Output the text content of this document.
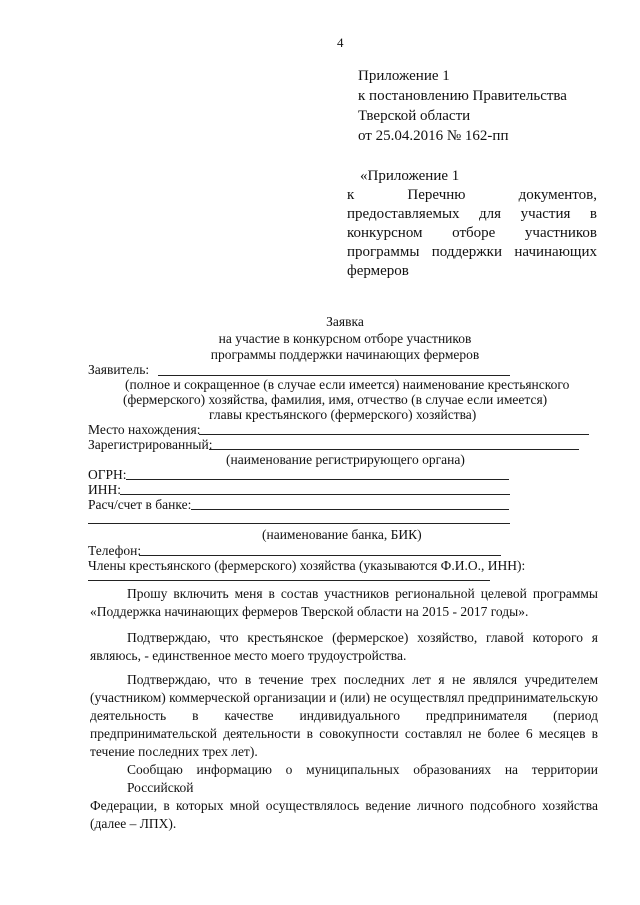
4
Приложение 1
к постановлению Правительства
Тверской области
от 25.04.2016 № 162-пп
«Приложение 1
к Перечню документов,
предоставляемых для участия в
конкурсном отборе участников
программы поддержки начинающих
фермеров
Заявка
на участие в конкурсном отборе участников
программы поддержки начинающих фермеров
Заявитель:
(полное и сокращенное (в случае если имеется) наименование крестьянского
(фермерского) хозяйства, фамилия, имя, отчество (в случае если имеется)
главы крестьянского (фермерского) хозяйства)
Место нахождения:
Зарегистрированный:
(наименование регистрирующего органа)
ОГРН:
ИНН:
Расч/счет в банке:
(наименование банка, БИК)
Телефон:
Члены крестьянского (фермерского) хозяйства (указываются Ф.И.О., ИНН):
Прошу включить меня в состав участников региональной целевой программы
«Поддержка начинающих фермеров Тверской области на 2015 - 2017 годы».
Подтверждаю, что крестьянское (фермерское) хозяйство, главой которого я
являюсь, - единственное место моего трудоустройства.
Подтверждаю, что в течение трех последних лет я не являлся учредителем
(участником) коммерческой организации и (или) не осуществлял предпринимательскую
деятельность в качестве индивидуального предпринимателя (период
предпринимательской деятельности в совокупности составлял не более 6 месяцев в
течение последних трех лет).
Сообщаю информацию о муниципальных образованиях на территории Российской
Федерации, в которых мной осуществлялось ведение личного подсобного хозяйства
(далее – ЛПХ).
